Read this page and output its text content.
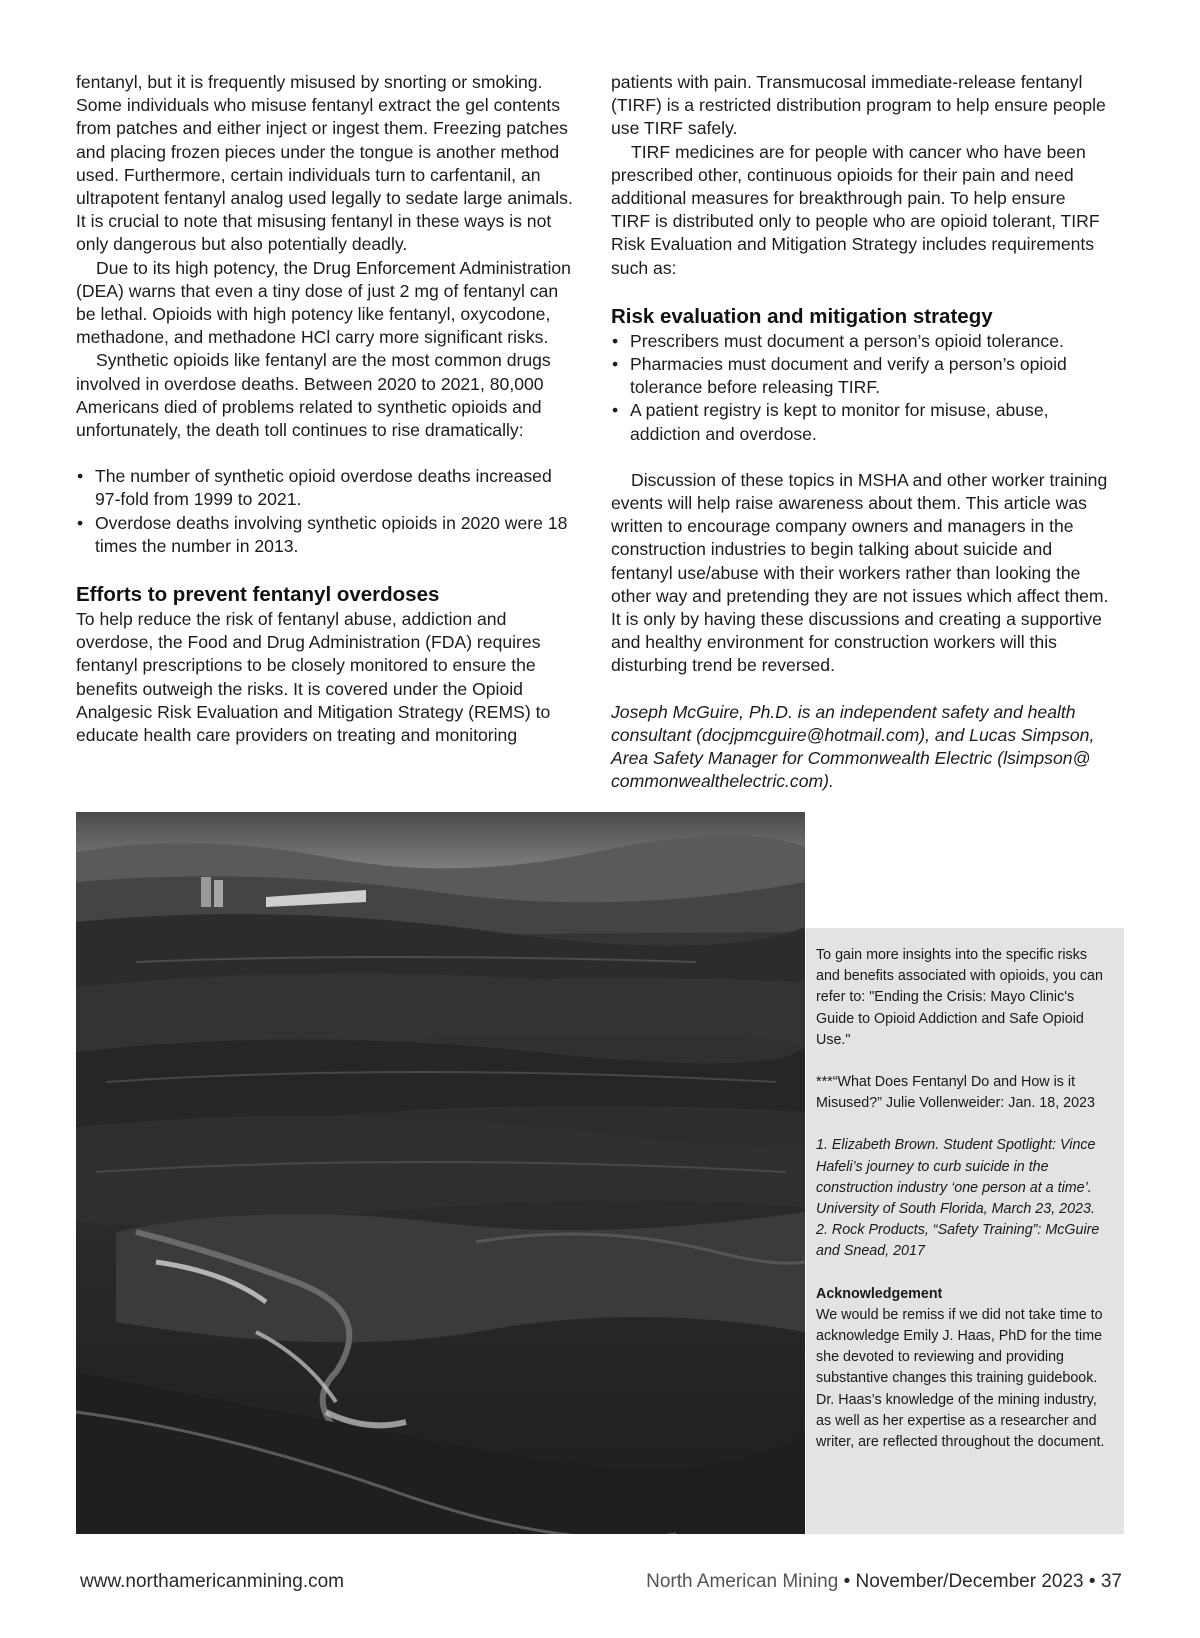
fentanyl, but it is frequently misused by snorting or smoking. Some individuals who misuse fentanyl extract the gel contents from patches and either inject or ingest them. Freezing patches and placing frozen pieces under the tongue is another method used. Furthermore, certain individuals turn to carfentanil, an ultrapotent fentanyl analog used legally to sedate large animals. It is crucial to note that misusing fentanyl in these ways is not only dangerous but also potentially deadly.

Due to its high potency, the Drug Enforcement Administration (DEA) warns that even a tiny dose of just 2 mg of fentanyl can be lethal. Opioids with high potency like fentanyl, oxycodone, methadone, and methadone HCl carry more significant risks.

Synthetic opioids like fentanyl are the most common drugs involved in overdose deaths. Between 2020 to 2021, 80,000 Americans died of problems related to synthetic opioids and unfortunately, the death toll continues to rise dramatically:

• The number of synthetic opioid overdose deaths increased 97-fold from 1999 to 2021.
• Overdose deaths involving synthetic opioids in 2020 were 18 times the number in 2013.
Efforts to prevent fentanyl overdoses

To help reduce the risk of fentanyl abuse, addiction and overdose, the Food and Drug Administration (FDA) requires fentanyl prescriptions to be closely monitored to ensure the benefits outweigh the risks. It is covered under the Opioid Analgesic Risk Evaluation and Mitigation Strategy (REMS) to educate health care providers on treating and monitoring

patients with pain. Transmucosal immediate-release fentanyl (TIRF) is a restricted distribution program to help ensure people use TIRF safely.

TIRF medicines are for people with cancer who have been prescribed other, continuous opioids for their pain and need additional measures for breakthrough pain. To help ensure TIRF is distributed only to people who are opioid tolerant, TIRF Risk Evaluation and Mitigation Strategy includes requirements such as:

Risk evaluation and mitigation strategy
• Prescribers must document a person’s opioid tolerance.
• Pharmacies must document and verify a person’s opioid tolerance before releasing TIRF.
• A patient registry is kept to monitor for misuse, abuse, addiction and overdose.

Discussion of these topics in MSHA and other worker training events will help raise awareness about them. This article was written to encourage company owners and managers in the construction industries to begin talking about suicide and fentanyl use/abuse with their workers rather than looking the other way and pretending they are not issues which affect them. It is only by having these discussions and creating a supportive and healthy environment for construction workers will this disturbing trend be reversed.

Joseph McGuire, Ph.D. is an independent safety and health consultant (docjpmcguire@hotmail.com), and Lucas Simpson, Area Safety Manager for Commonwealth Electric (lsimpson@ commonwealthelectric.com).

To gain more insights into the specific risks and benefits associated with opioids, you can refer to: "Ending the Crisis: Mayo Clinic's Guide to Opioid Addiction and Safe Opioid Use."

***“What Does Fentanyl Do and How is it Misused?” Julie Vollenweider: Jan. 18, 2023

1. Elizabeth Brown. Student Spotlight: Vince Hafeli’s journey to curb suicide in the construction industry ‘one person at a time’. University of South Florida, March 23, 2023.

2. Rock Products, “Safety Training”: McGuire and Snead, 2017

Acknowledgement

We would be remiss if we did not take time to acknowledge Emily J. Haas, PhD for the time she devoted to reviewing and providing substantive changes this training guidebook. Dr. Haas’s knowledge of the mining industry, as well as her expertise as a researcher and writer, are reflected throughout the document.

www.northamericanmining.com	North American Mining • November/December 2023 • 37
